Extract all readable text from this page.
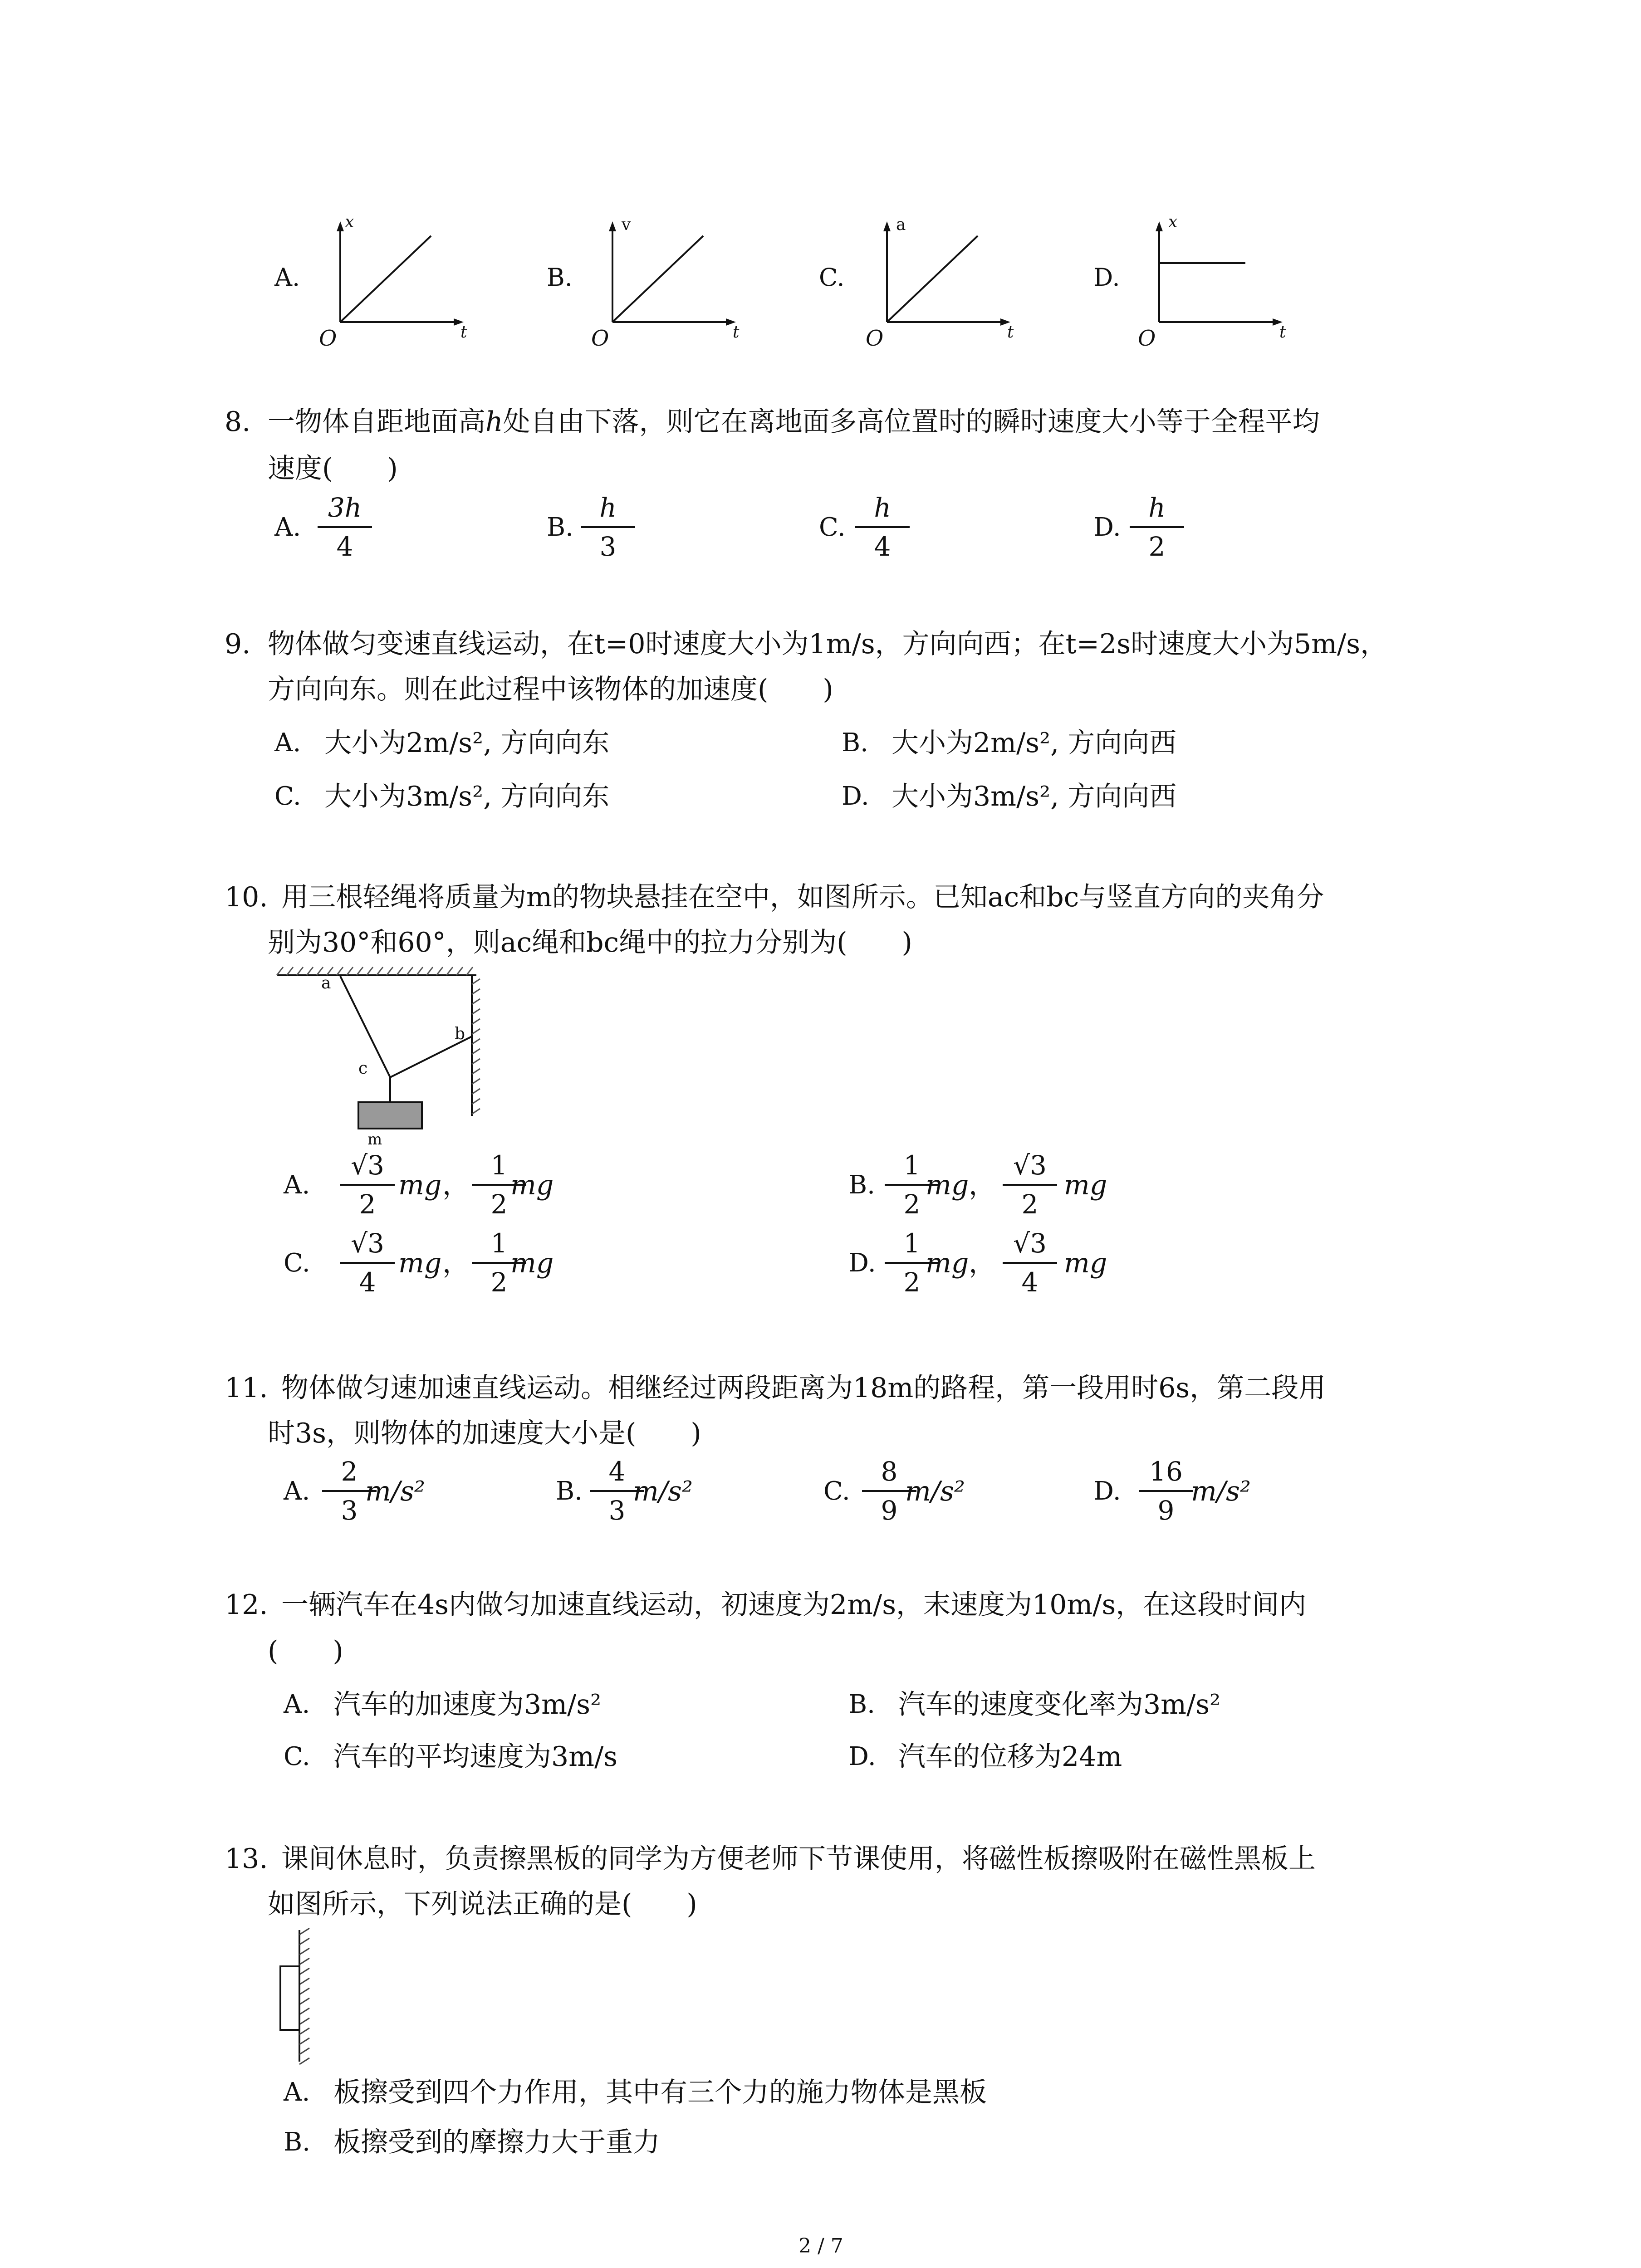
A.
x
t
O
B.
v
t
O
C.
a
t
O
D.
x
t
O
8. 一物体自距地面高h处自由下落，则它在离地面多高位置时的瞬时速度大小等于全程平均
速度(　　)
A.
3h
4
B.
h
3
C.
h
4
D.
h
2
9. 物体做匀变速直线运动，在t=0时速度大小为1m/s，方向向西；在t=2s时速度大小为5m/s，
方向向东。则在此过程中该物体的加速度(　　)
A. 大小为2m/s², 方向向东	B. 大小为2m/s², 方向向西
C. 大小为3m/s², 方向向东	D. 大小为3m/s², 方向向西
10. 用三根轻绳将质量为m的物块悬挂在空中，如图所示。已知ac和bc与竖直方向的夹角分
别为30°和60°，则ac绳和bc绳中的拉力分别为(　　)
a
b
c
m
A.
√3
2
mg ，
1
2
mg	B.
1
2
mg ，
√3
2
mg
C.
√3
4
mg ，
1
2
mg	D.
1
2
mg ，
√3
4
mg
11. 物体做匀速加速直线运动。相继经过两段距离为18m的路程，第一段用时6s，第二段用
时3s，则物体的加速度大小是(　　)
A.
2
3
m/s²	B.
4
3
m/s²	C.
8
9
m/s²	D.
16
9
m/s²
12. 一辆汽车在4s内做匀加速直线运动，初速度为2m/s，末速度为10m/s，在这段时间内
(　　)
A. 汽车的加速度为3m/s²	B. 汽车的速度变化率为3m/s²
C. 汽车的平均速度为3m/s	D. 汽车的位移为24m
13. 课间休息时，负责擦黑板的同学为方便老师下节课使用，将磁性板擦吸附在磁性黑板上
如图所示，下列说法正确的是(　　)
A. 板擦受到四个力作用，其中有三个力的施力物体是黑板
B. 板擦受到的摩擦力大于重力
2 / 7
